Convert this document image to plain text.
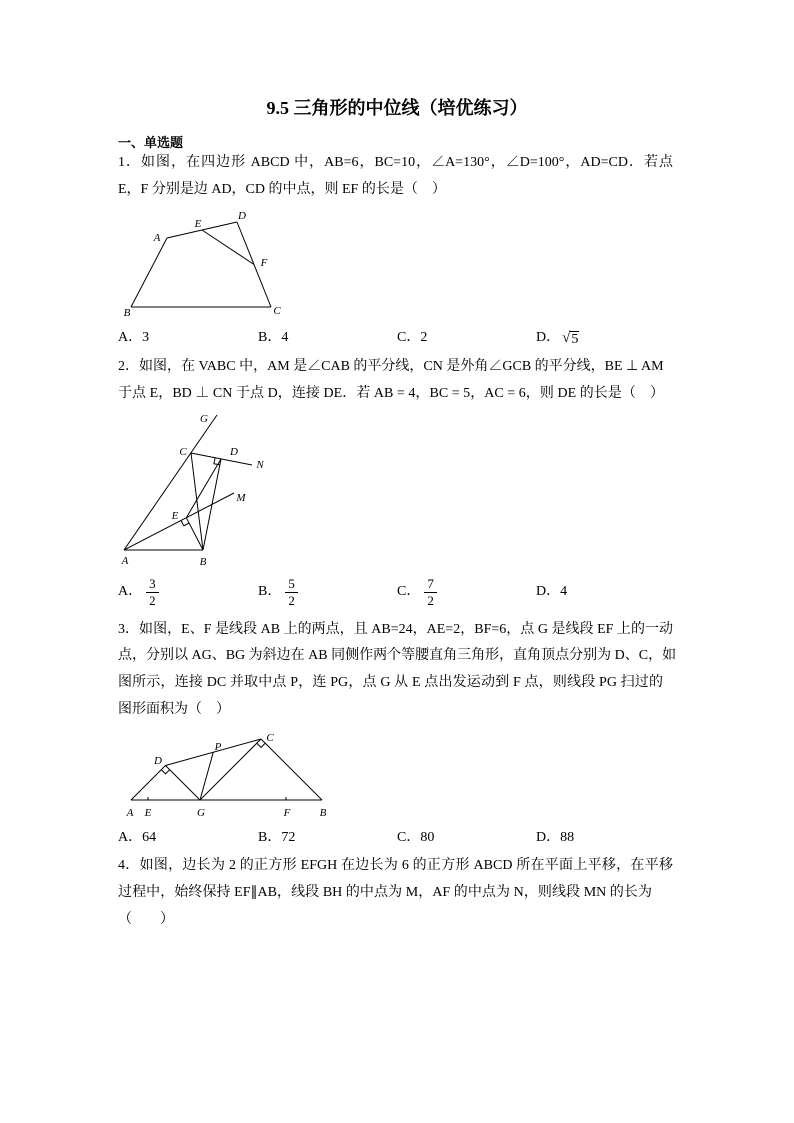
9.5 三角形的中位线（培优练习）
一、单选题
1．如图，在四边形 ABCD 中，AB=6，BC=10，∠A=130°，∠D=100°，AD=CD．若点
E，F 分别是边 AD，CD 的中点，则 EF 的长是（　）
A
E
D
F
B	C
A． 3	B． 4	C． 2	D． √ 5
2．如图，在 VABC 中，AM 是∠CAB 的平分线，CN 是外角∠GCB 的平分线，BE ⊥ AM
于点 E，BD ⊥ CN 于点 D，连接 DE．若 AB = 4，BC = 5，AC = 6，则 DE 的长是（　）
G
C	D
N
M
E
A	B
A． $\frac{3}{2}$	B． $\frac{5}{2}$	C． $\frac{7}{2}$	D． 4
3．如图，E、F 是线段 AB 上的两点，且 AB=24，AE=2，BF=6，点 G 是线段 EF 上的一动
点，分别以 AG、BG 为斜边在 AB 同侧作两个等腰直角三角形，直角顶点分别为 D、C，如
图所示，连接 DC 并取中点 P，连 PG，点 G 从 E 点出发运动到 F 点，则线段 PG 扫过的
图形面积为（　）
D
P
C
A E	G	F	B
A． 64	B． 72	C． 80	D． 88
4．如图，边长为 2 的正方形 EFGH 在边长为 6 的正方形 ABCD 所在平面上平移，在平移
过程中，始终保持 EF∥AB，线段 BH 的中点为 M，AF 的中点为 N，则线段 MN 的长为
（　　）
